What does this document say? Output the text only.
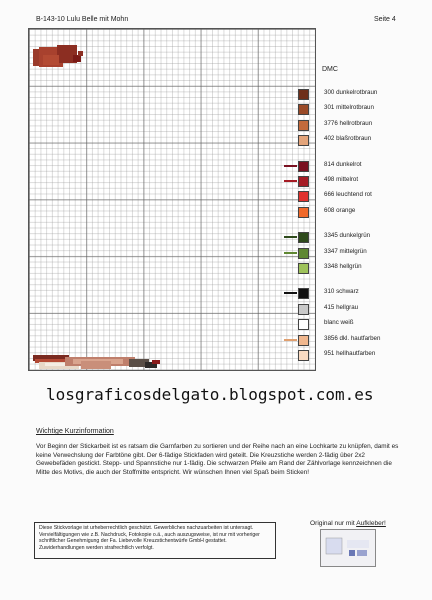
B-143-10 Lulu Belle mit Mohn	Seite 4
DMC
300 dunkelrotbraun
301 mittelrotbraun
3776 hellrotbraun
402 blaßrotbraun
814 dunkelrot
498 mittelrot
666 leuchtend rot
608 orange
3345 dunkelgrün
3347 mittelgrün
3348 hellgrün
310 schwarz
415 hellgrau
blanc weiß
3856 dkl. hautfarben
951 hellhautfarben
losgraficosdelgato.blogspot.com.es
Wichtige Kurzinformation
Vor Beginn der Stickarbeit ist es ratsam die Garnfarben zu sortieren und der Reihe nach an eine Lochkarte zu knüpfen, damit es keine Verwechslung der Farbtöne gibt. Der 6-fädige Stickfaden wird geteilt. Die Kreuzstiche werden 2-fädig über 2x2 Gewebefäden gestickt. Stepp- und Spannstiche nur 1-fädig. Die schwarzen Pfeile am Rand der Zählvorlage kennzeichnen die Mitte des Motivs, die auch der Stoffmitte entspricht. Wir wünschen Ihnen viel Spaß beim Sticken!
Diese Stickvorlage ist urheberrechtlich geschützt. Gewerbliches nachzuarbeiten ist untersagt. Vervielfältigungen wie z.B. Nachdruck, Fotokopie o.ä., auch auszugsweise, ist nur mit vorheriger schriftlicher Genehmigung der Fa. Liebevolle Kreuzstichentwürfe GmbH gestattet. Zuwiderhandlungen werden strafrechtlich verfolgt.
Original nur mit Aufkleber!
